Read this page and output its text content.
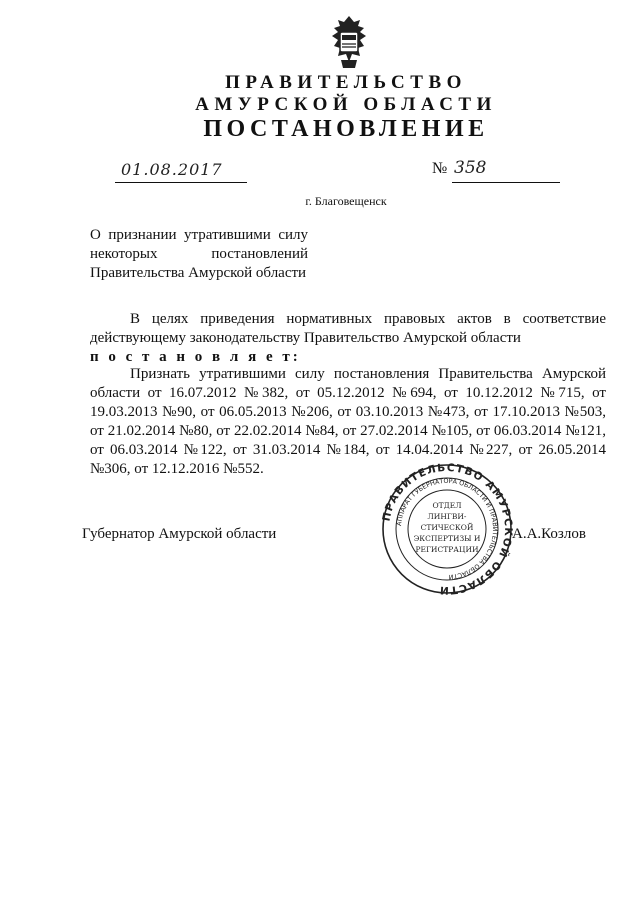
ПРАВИТЕЛЬСТВО
АМУРСКОЙ ОБЛАСТИ
ПОСТАНОВЛЕНИЕ
01.08.2017	№ 358
г. Благовещенск
О признании утратившими силу
некоторых постановлений
Правительства Амурской области
В целях приведения нормативных правовых актов в соответствие действующему законодательству Правительство Амурской области
п о с т а н о в л я е т:
Признать утратившими силу постановления Правительства Амурской области от 16.07.2012 №382, от 05.12.2012 №694, от 10.12.2012 №715, от 19.03.2013 №90, от 06.05.2013 №206, от 03.10.2013 №473, от 17.10.2013 №503, от 21.02.2014 №80, от 22.02.2014 №84, от 27.02.2014 №105, от 06.03.2014 №121, от 06.03.2014 №122, от 31.03.2014 №184, от 14.04.2014 №227, от 26.05.2014 №306, от 12.12.2016 №552.
Губернатор Амурской области
ПРАВИТЕЛЬСТВО АМУРСКОЙ ОБЛАСТИ
АППАРАТ ГУБЕРНАТОРА ОБЛАСТИ И ПРАВИТЕЛЬСТВА ОБЛАСТИ
ОТДЕЛ
ЛИНГВИ-
СТИЧЕСКОЙ
ЭКСПЕРТИЗЫ И
РЕГИСТРАЦИИ
А.А.Козлов
